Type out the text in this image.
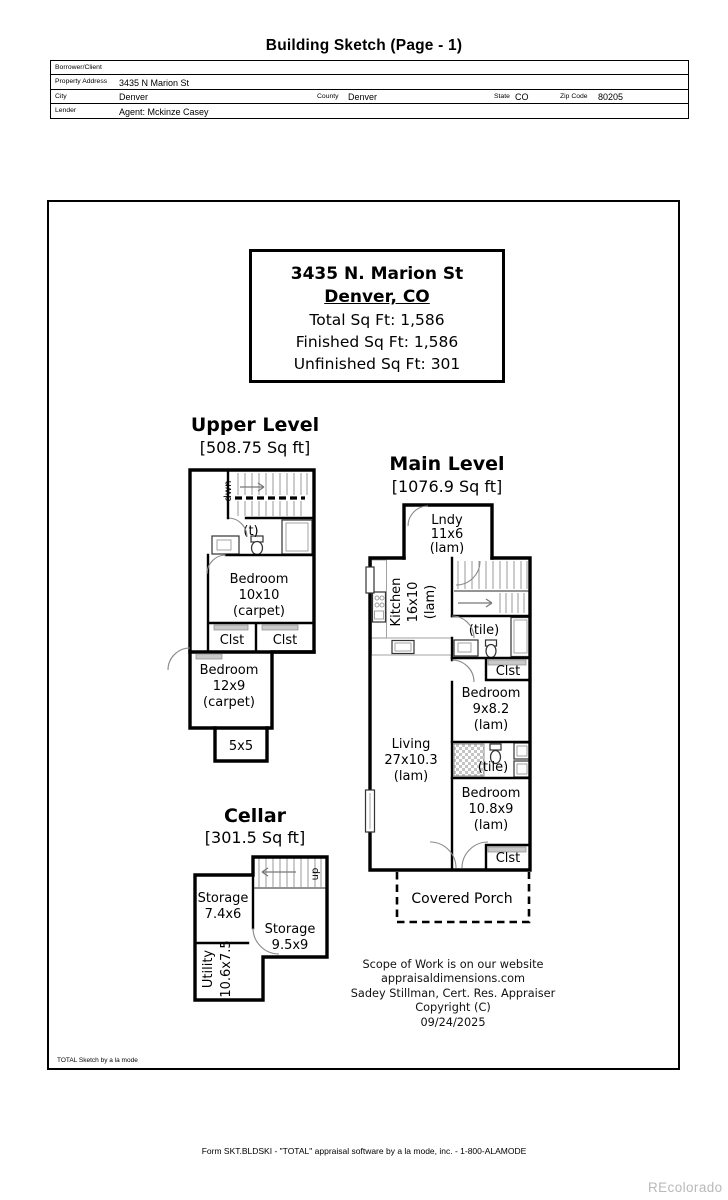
Building Sketch (Page - 1)
Borrower/Client
Property Address 3435 N Marion St
City	Denver	County Denver	State CO	Zip Code 80205
Lender	Agent: Mckinze Casey
3435 N. Marion St
Denver, CO
Total Sq Ft: 1,586
Finished Sq Ft: 1,586
Unfinished Sq Ft: 301
Upper Level
[508.75 Sq ft]
Main Level
[1076.9 Sq ft]
Cellar
[301.5 Sq ft]
dwn
(t)
Clst Clst
Bedroom
10x10
(carpet)
Bedroom
12x9
(carpet)
5x5
(tile)
(tile)
Clst
Clst
Lndy
11x6
(lam)
Kitchen 16x10 (lam)
Bedroom
9x8.2
(lam)
Bedroom
10.8x9
(lam)
Living
27x10.3
(lam)
Covered Porch
up
Storage
7.4x6
Storage
9.5x9
Utility 10.6x7.5	Scope of Work is on our website
appraisaldimensions.com
Sadey Stillman, Cert. Res. Appraiser
Copyright (C)
09/24/2025
TOTAL Sketch by a la mode
Form SKT.BLDSKI - "TOTAL" appraisal software by a la mode, inc. - 1-800-ALAMODE
REcolorado
